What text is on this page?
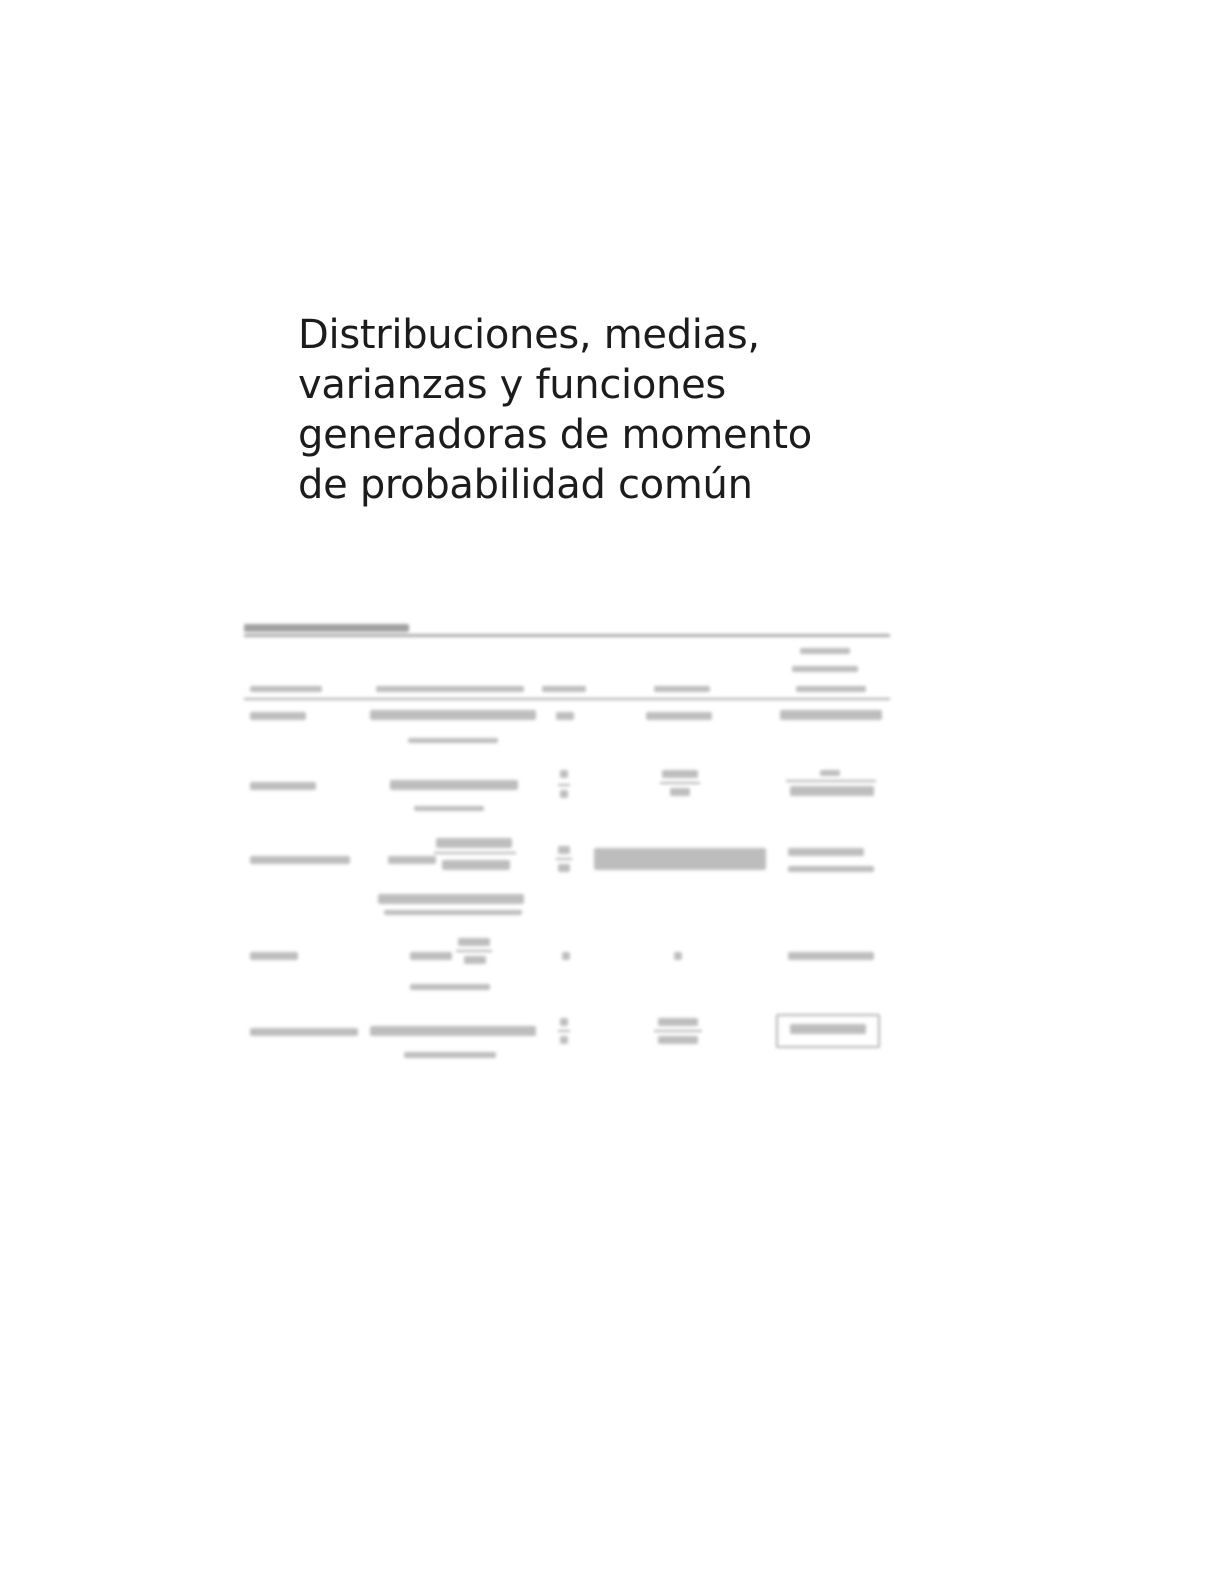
Distribuciones, medias,
varianzas y funciones
generadoras de momento
de probabilidad común
